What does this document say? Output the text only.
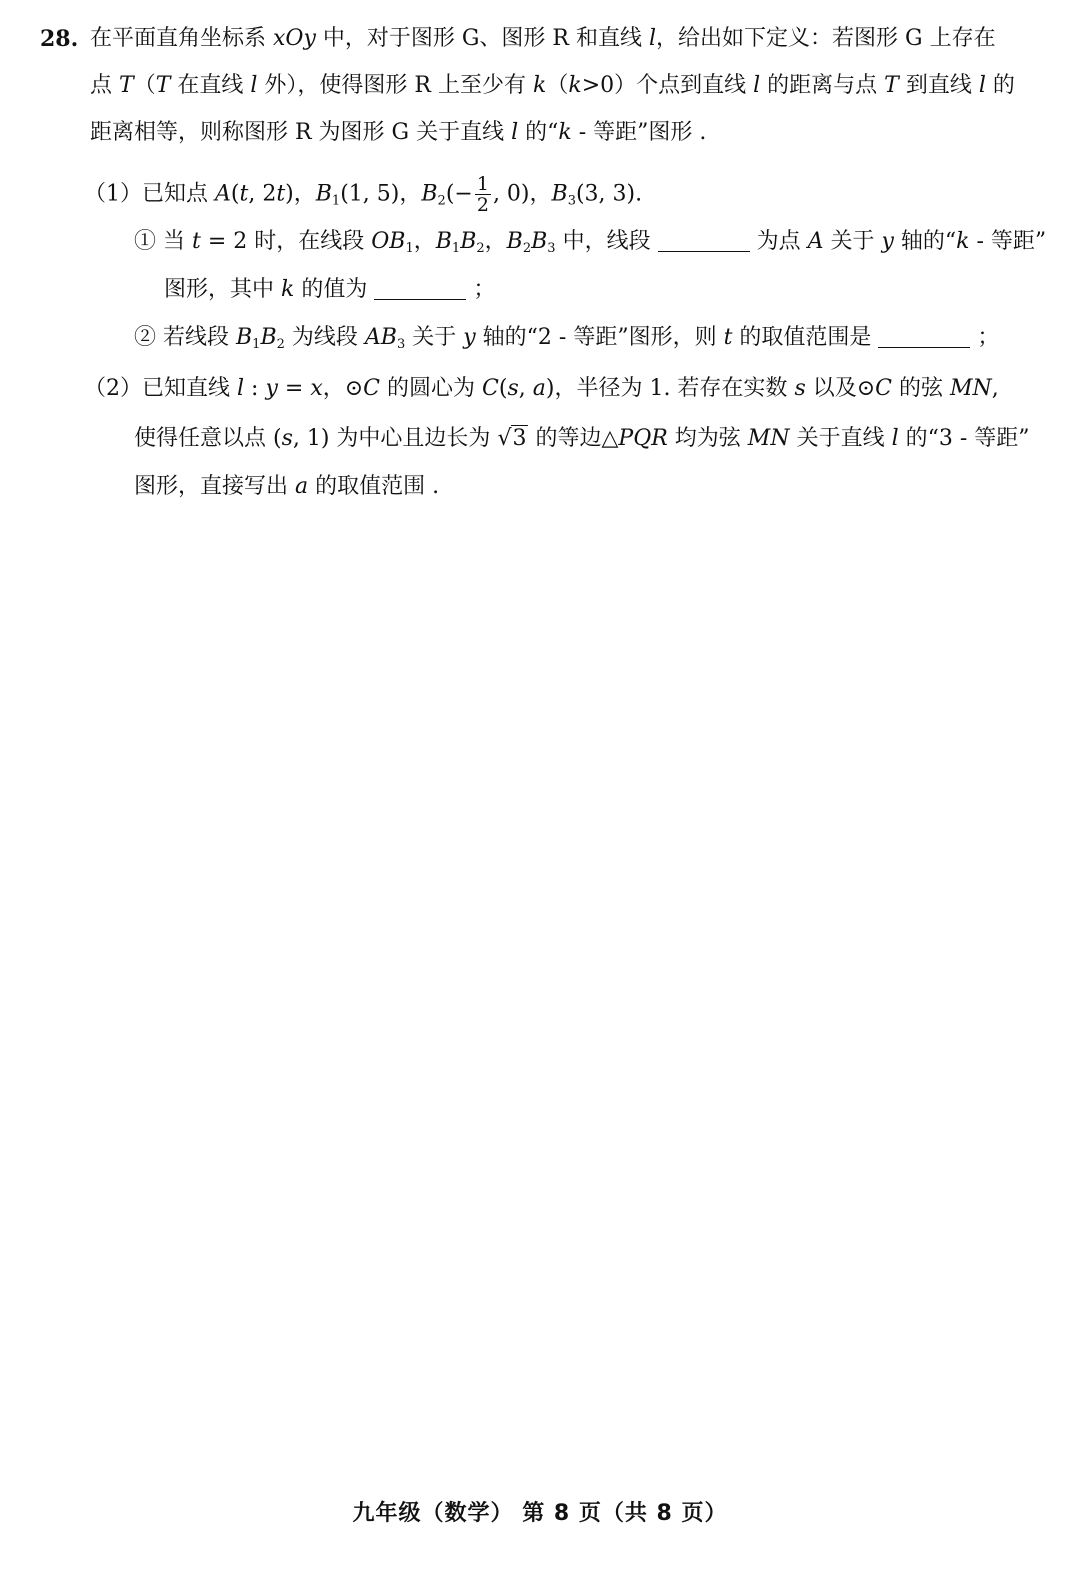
28. 在平面直角坐标系 xOy 中，对于图形 G、图形 R 和直线 l，给出如下定义：若图形 G 上存在
点 T（T 在直线 l 外），使得图形 R 上至少有 k（k>0）个点到直线 l 的距离与点 T 到直线 l 的
距离相等，则称图形 R 为图形 G 关于直线 l 的“k - 等距”图形 .
（1）已知点 A(t, 2t)，$B_1(1$, 5)，$B_2(- \frac{1}{2}$ , 0)，$B_3(3$, 3).
① 当 t = 2 时，在线段 $OB_1$，$B_1B_2$，$B_2B_3$ 中，线段	为点 A 关于 y 轴的“k - 等距”
图形，其中 k 的值为	；
② 若线段 $B_1B_2$ 为线段 $AB_3$ 关于 y 轴的“2 - 等距”图形，则 t 的取值范围是	；
（2）已知直线 l : y = x，⊙C 的圆心为 C(s, a)，半径为 1. 若存在实数 s 以及⊙C 的弦 MN,
使得任意以点 (s, 1) 为中心且边长为 √3 的等边△PQR 均为弦 MN 关于直线 l 的“3 - 等距”
图形，直接写出 a 的取值范围 .
九年级（数学） 第 8 页（共 8 页）
